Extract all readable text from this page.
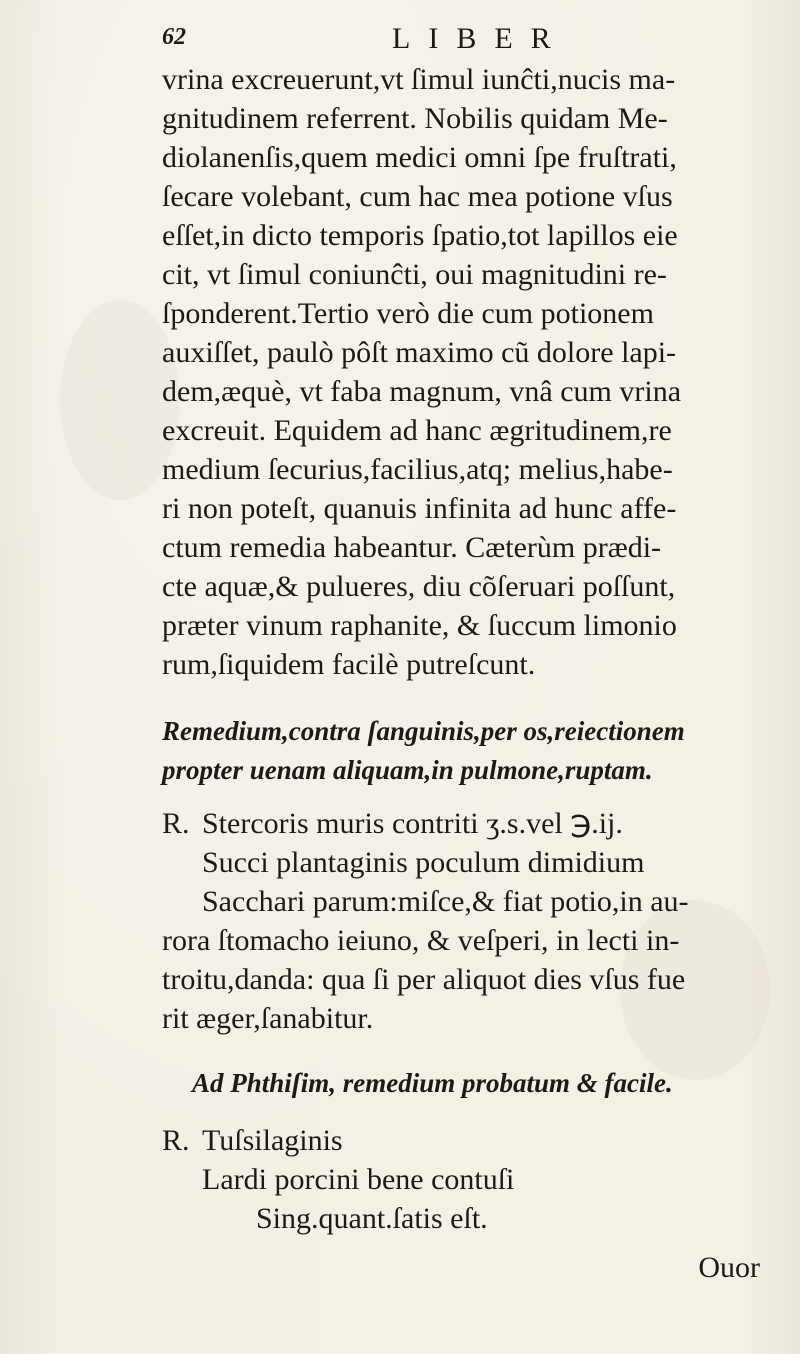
62	LIBER
vrina excreuerunt,vt ſimul iunĉti,nucis ma-
gnitudinem referrent. Nobilis quidam Me-
diolanenſis,quem medici omni ſpe fruſtrati,
ſecare volebant, cum hac mea potione vſus
eſſet,in dicto temporis ſpatio,tot lapillos eie
cit, vt ſimul coniunĉti, oui magnitudini re-
ſponderent.Tertio verò die cum potionem
auxiſſet, paulò pôſt maximo cũ dolore lapi-
dem,æquè, vt faba magnum, vnâ cum vrina
excreuit. Equidem ad hanc ægritudinem,re
medium ſecurius,facilius,atq; melius,habe-
ri non poteſt, quanuis infinita ad hunc affe-
ctum remedia habeantur. Cæterùm prædi-
cte aquæ,& pulueres, diu cõſeruari poſſunt,
præter vinum raphanite, & ſuccum limonio
rum,ſiquidem facilè putreſcunt.
Remedium,contra ſanguinis,per os,reiectionem
propter uenam aliquam,in pulmone,ruptam.
R. Stercoris muris contriti ʒ.s.vel ℈.ij.
Succi plantaginis poculum dimidium
Sacchari parum:miſce,& fiat potio,in au-
rora ſtomacho ieiuno, & veſperi, in lecti in-
troitu,danda: qua ſi per aliquot dies vſus fue
rit æger,ſanabitur.
Ad Phthiſim, remedium probatum & facile.
R. Tuſsilaginis
Lardi porcini bene contuſi
Sing.quant.ſatis eſt.
Ouor
